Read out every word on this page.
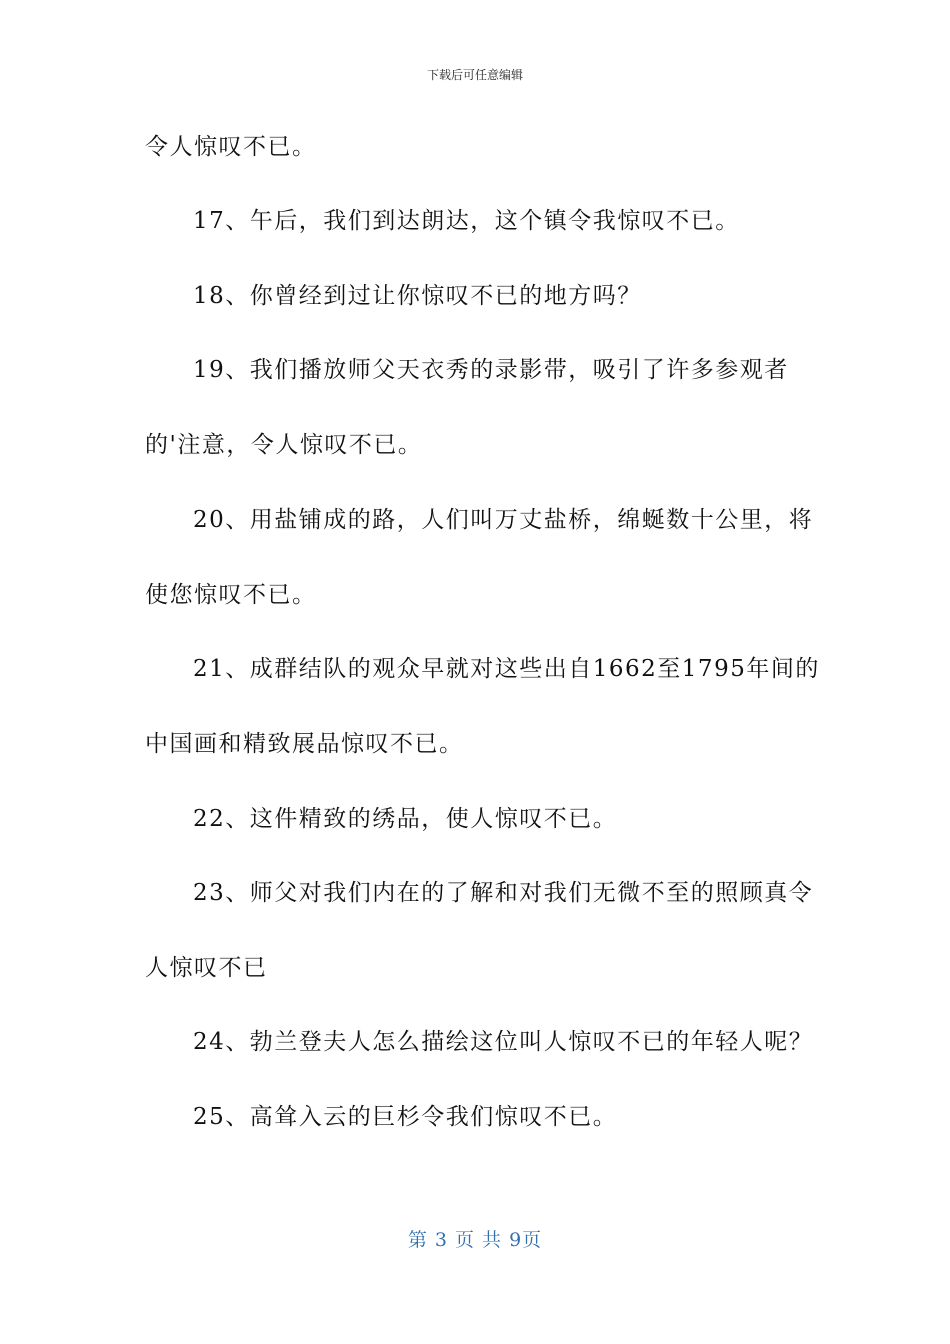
下载后可任意编辑
令人惊叹不已。
17、午后，我们到达朗达，这个镇令我惊叹不已。
18、你曾经到过让你惊叹不已的地方吗？
19、我们播放师父天衣秀的录影带，吸引了许多参观者
的'注意，令人惊叹不已。
20、用盐铺成的路，人们叫万丈盐桥，绵蜒数十公里，将
使您惊叹不已。
21、成群结队的观众早就对这些出自1662至1795年间的
中国画和精致展品惊叹不已。
22、这件精致的绣品，使人惊叹不已。
23、师父对我们内在的了解和对我们无微不至的照顾真令
人惊叹不已
24、勃兰登夫人怎么描绘这位叫人惊叹不已的年轻人呢？
25、高耸入云的巨杉令我们惊叹不已。
第 3 页 共 9页
